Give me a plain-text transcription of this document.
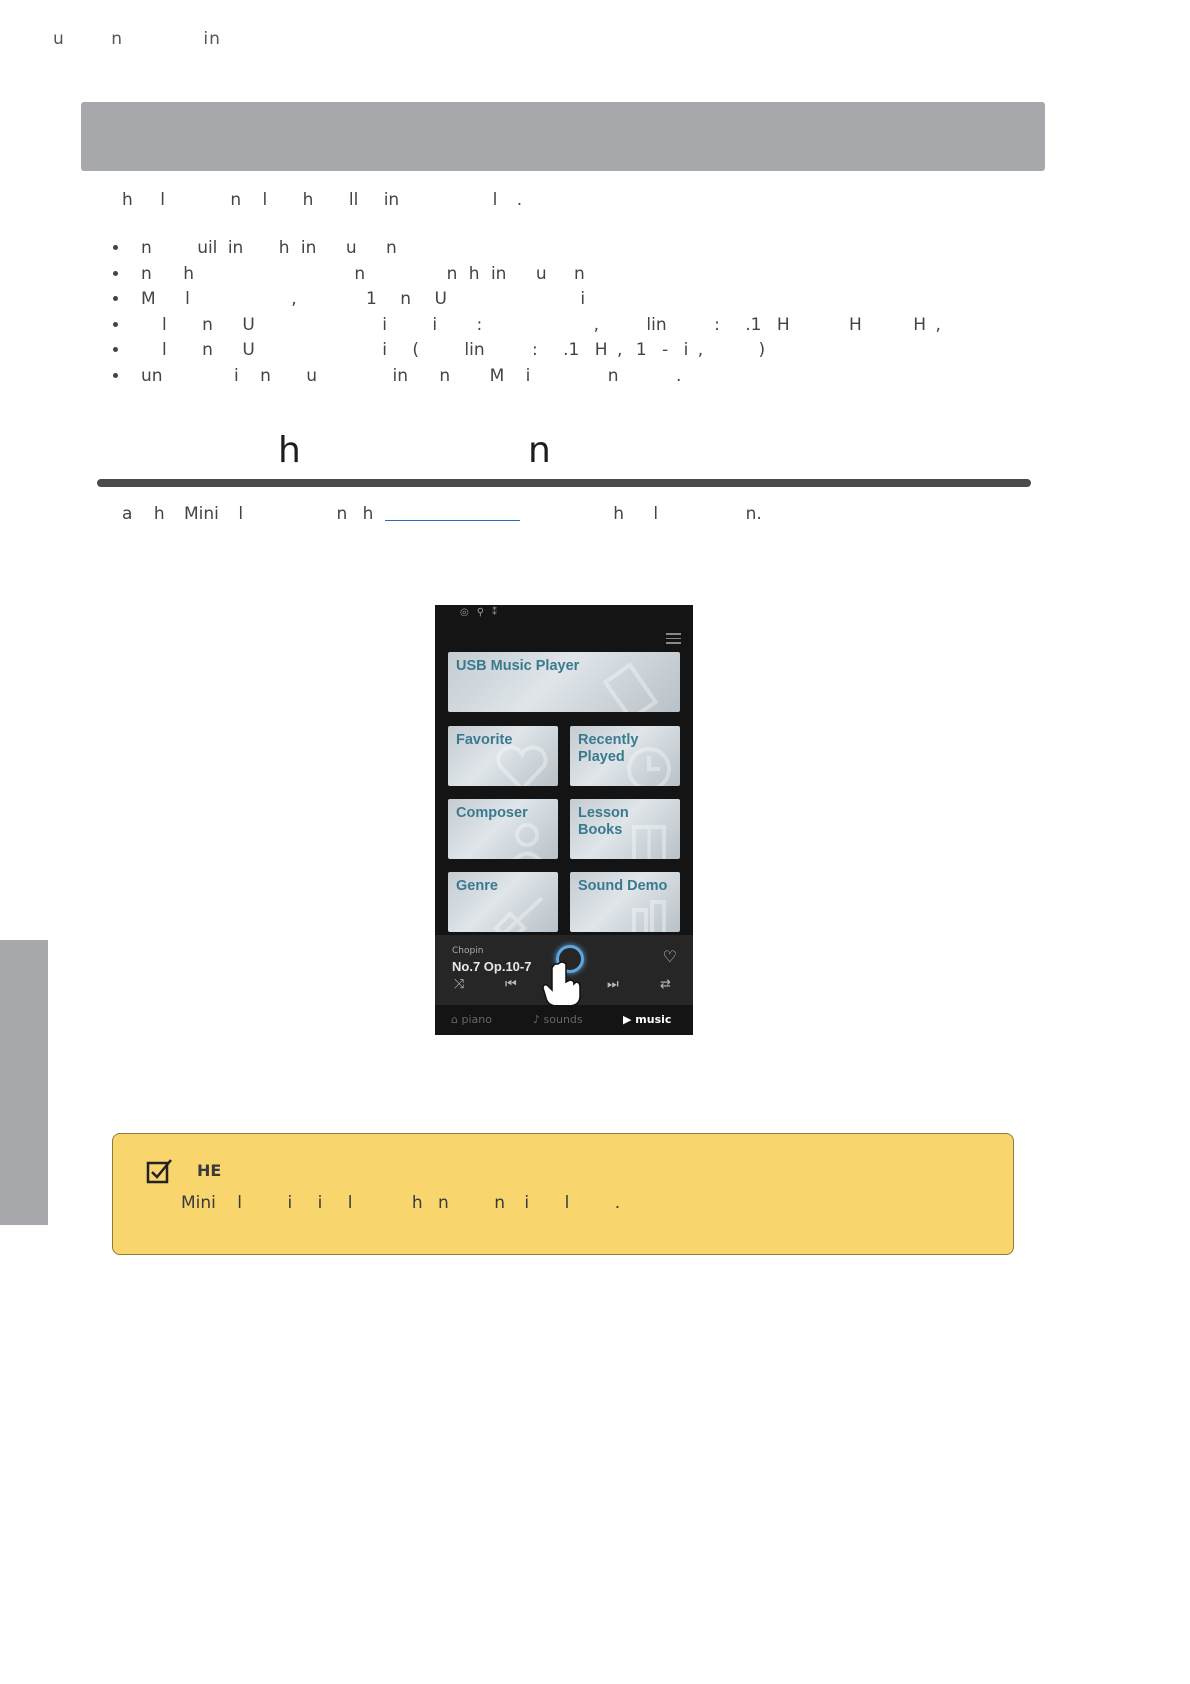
u	n	in
h l	n l h ll in	l .
• n	uil in h in u n
• n h	n	n h in u n
• M l	,	1 n U	i
• l n U	i	i :	,	lin	: .1 H	H	H ,
• l n U	i (	lin	: .1 H , 1 - i ,	)
• un	i n u	in n M i	n	.
h	n
a h Mini l	n h	h l	n.
◎⚲⁑
USB Music Player
Favorite	Recently
Played
Composer	Lesson
Books
Genre	Sound Demo
Chopin
No.7 Op.10-7
♡
⤨	⏮	⏭	⇄
⌂ piano	♪ sounds	▶ music
HE
Mini l	i i l	h n	n i l	.
